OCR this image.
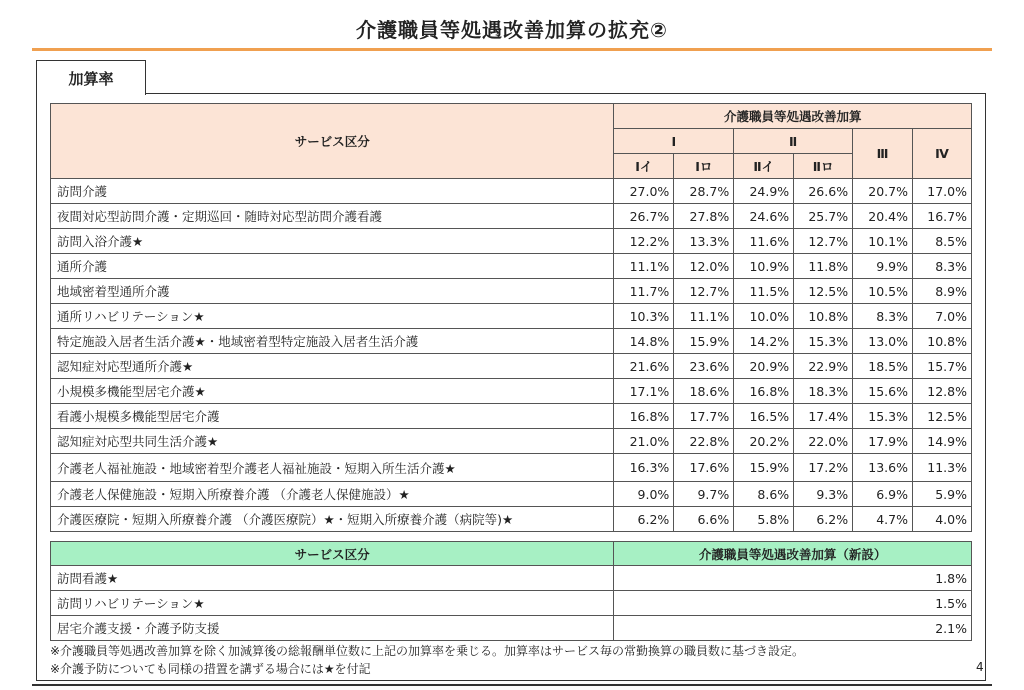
介護職員等処遇改善加算の拡充②
加算率
サービス区分	介護職員等処遇改善加算					
	Ⅰ		Ⅱ		Ⅲ	Ⅳ
	Ⅰイ	Ⅰロ	Ⅱイ	Ⅱロ		
訪問介護	27.0%	28.7%	24.9%	26.6%	20.7%	17.0%
夜間対応型訪問介護・定期巡回・随時対応型訪問介護看護	26.7%	27.8%	24.6%	25.7%	20.4%	16.7%
訪問入浴介護★	12.2%	13.3%	11.6%	12.7%	10.1%	8.5%
通所介護	11.1%	12.0%	10.9%	11.8%	9.9%	8.3%
地域密着型通所介護	11.7%	12.7%	11.5%	12.5%	10.5%	8.9%
通所リハビリテーション★	10.3%	11.1%	10.0%	10.8%	8.3%	7.0%
特定施設入居者生活介護★・地域密着型特定施設入居者生活介護	14.8%	15.9%	14.2%	15.3%	13.0%	10.8%
認知症対応型通所介護★	21.6%	23.6%	20.9%	22.9%	18.5%	15.7%
小規模多機能型居宅介護★	17.1%	18.6%	16.8%	18.3%	15.6%	12.8%
看護小規模多機能型居宅介護	16.8%	17.7%	16.5%	17.4%	15.3%	12.5%
認知症対応型共同生活介護★	21.0%	22.8%	20.2%	22.0%	17.9%	14.9%
介護老人福祉施設・地域密着型介護老人福祉施設・短期入所生活介護★	16.3%	17.6%	15.9%	17.2%	13.6%	11.3%
介護老人保健施設・短期入所療養介護 （介護老人保健施設）★	9.0%	9.7%	8.6%	9.3%	6.9%	5.9%
介護医療院・短期入所療養介護 （介護医療院）★・短期入所療養介護（病院等)★	6.2%	6.6%	5.8%	6.2%	4.7%	4.0%
サービス区分	介護職員等処遇改善加算（新設）
訪問看護★	1.8%
訪問リハビリテーション★	1.5%
居宅介護支援・介護予防支援	2.1%
※介護職員等処遇改善加算を除く加減算後の総報酬単位数に上記の加算率を乗じる。加算率はサービス毎の常勤換算の職員数に基づき設定。
※介護予防についても同様の措置を講ずる場合には★を付記	4
